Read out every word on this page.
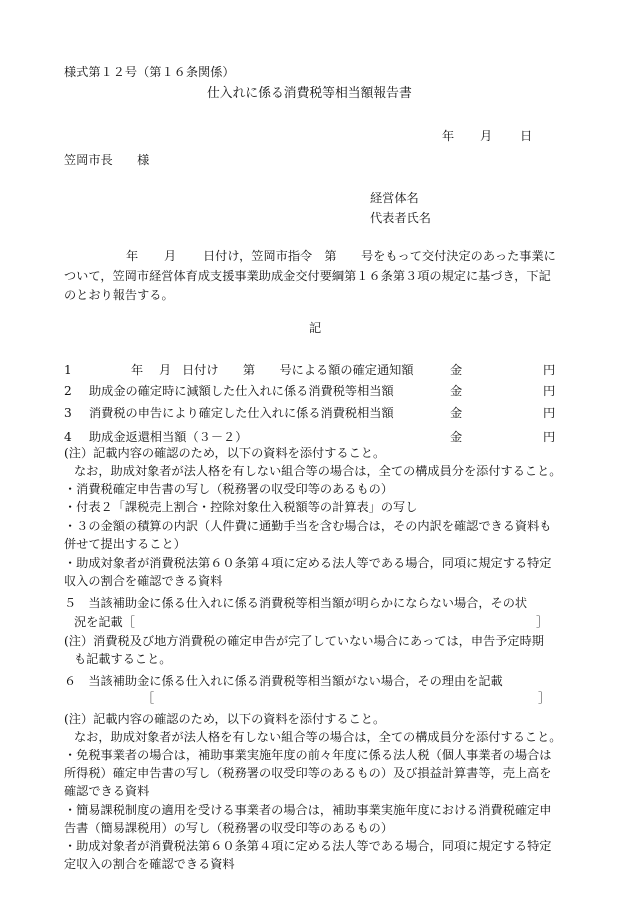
様式第１２号（第１６条関係）
仕入れに係る消費税等相当額報告書
年 月 日
笠岡市長　　様
経営体名
代表者氏名
年 月 日付け，笠岡市指令　第　　号をもって交付決定のあった事業に
ついて，笠岡市経営体育成支援事業助成金交付要綱第１６条第３項の規定に基づき，下記
のとおり報告する。
記
1	年 月 日付け　　第　　号による額の確定通知額	金	円
2 助成金の確定時に減額した仕入れに係る消費税等相当額	金	円
3 消費税の申告により確定した仕入れに係る消費税相当額	金	円
4 助成金返還相当額（３－２）	金	円
(注）記載内容の確認のため，以下の資料を添付すること。
なお，助成対象者が法人格を有しない組合等の場合は，全ての構成員分を添付すること。
・消費税確定申告書の写し（税務署の収受印等のあるもの）
・付表２「課税売上割合・控除対象仕入税額等の計算表」の写し
・３の金額の積算の内訳（人件費に通勤手当を含む場合は，その内訳を確認できる資料も
併せて提出すること）
・助成対象者が消費税法第６０条第４項に定める法人等である場合，同項に規定する特定
収入の割合を確認できる資料
５　当該補助金に係る仕入れに係る消費税等相当額が明らかにならない場合，その状
況を記載［	］
(注）消費税及び地方消費税の確定申告が完了していない場合にあっては，申告予定時期
も記載すること。
６　当該補助金に係る仕入れに係る消費税等相当額がない場合，その理由を記載
［	］
(注）記載内容の確認のため，以下の資料を添付すること。
なお，助成対象者が法人格を有しない組合等の場合は，全ての構成員分を添付すること。
・免税事業者の場合は，補助事業実施年度の前々年度に係る法人税（個人事業者の場合は
所得税）確定申告書の写し（税務署の収受印等のあるもの）及び損益計算書等，売上高を
確認できる資料
・簡易課税制度の適用を受ける事業者の場合は，補助事業実施年度における消費税確定申
告書（簡易課税用）の写し（税務署の収受印等のあるもの）
・助成対象者が消費税法第６０条第４項に定める法人等である場合，同項に規定する特定
定収入の割合を確認できる資料
